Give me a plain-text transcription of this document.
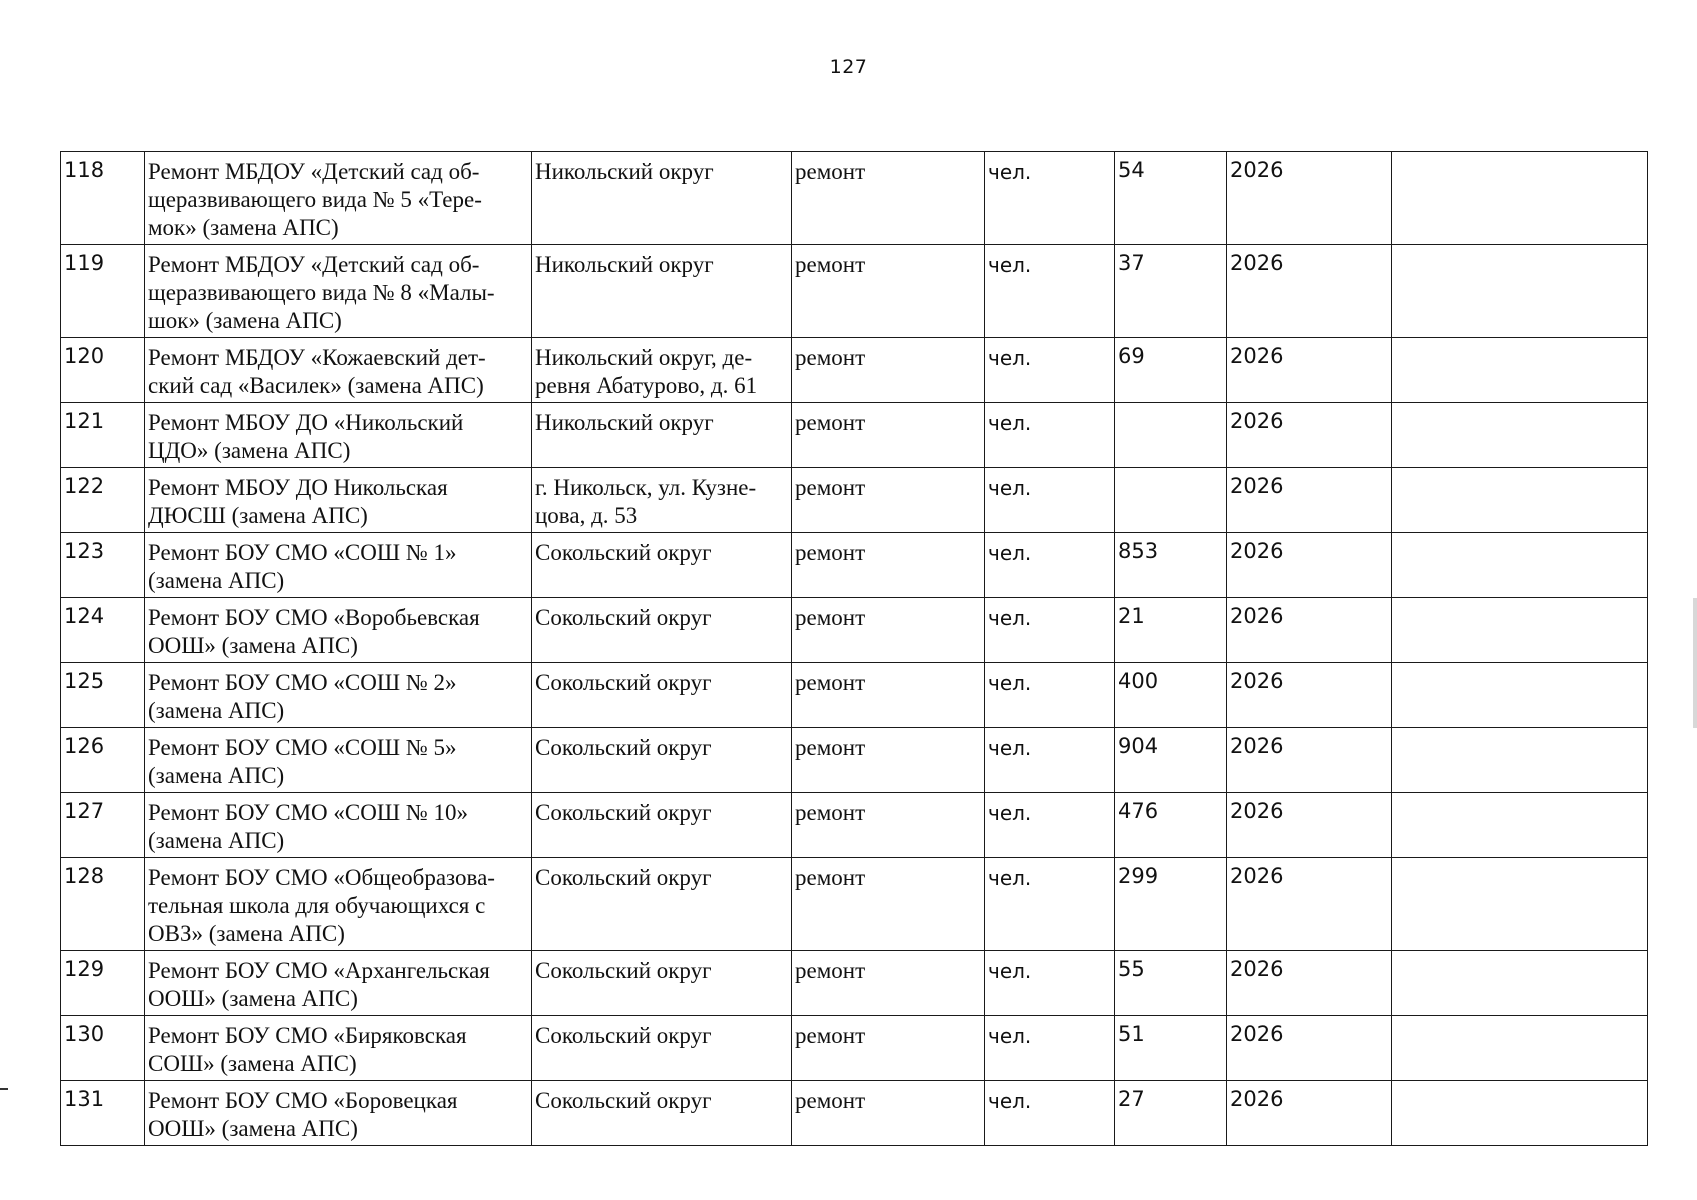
127
118	Ремонт МБДОУ «Детский сад об-щеразвивающего вида № 5 «Тере-мок» (замена АПС)	Никольский округ	ремонт	чел.	54	2026	
119	Ремонт МБДОУ «Детский сад об-щеразвивающего вида № 8 «Малы-шок» (замена АПС)	Никольский округ	ремонт	чел.	37	2026	
120	Ремонт МБДОУ «Кожаевский дет-ский сад «Василек» (замена АПС)	Никольский округ, де-ревня Абатурово, д. 61	ремонт	чел.	69	2026	
121	Ремонт МБОУ ДО «Никольский ЦДО» (замена АПС)	Никольский округ	ремонт	чел.		2026	
122	Ремонт МБОУ ДО Никольская ДЮСШ (замена АПС)	г. Никольск, ул. Кузне-цова, д. 53	ремонт	чел.		2026	
123	Ремонт БОУ СМО «СОШ № 1» (замена АПС)	Сокольский округ	ремонт	чел.	853	2026	
124	Ремонт БОУ СМО «Воробьевская ООШ» (замена АПС)	Сокольский округ	ремонт	чел.	21	2026	
125	Ремонт БОУ СМО «СОШ № 2» (замена АПС)	Сокольский округ	ремонт	чел.	400	2026	
126	Ремонт БОУ СМО «СОШ № 5» (замена АПС)	Сокольский округ	ремонт	чел.	904	2026	
127	Ремонт БОУ СМО «СОШ № 10» (замена АПС)	Сокольский округ	ремонт	чел.	476	2026	
128	Ремонт БОУ СМО «Общеобразова-тельная школа для обучающихся с ОВЗ» (замена АПС)	Сокольский округ	ремонт	чел.	299	2026	
129	Ремонт БОУ СМО «Архангельская ООШ» (замена АПС)	Сокольский округ	ремонт	чел.	55	2026	
130	Ремонт БОУ СМО «Биряковская СОШ» (замена АПС)	Сокольский округ	ремонт	чел.	51	2026	
131	Ремонт БОУ СМО «Боровецкая ООШ» (замена АПС)	Сокольский округ	ремонт	чел.	27	2026	
